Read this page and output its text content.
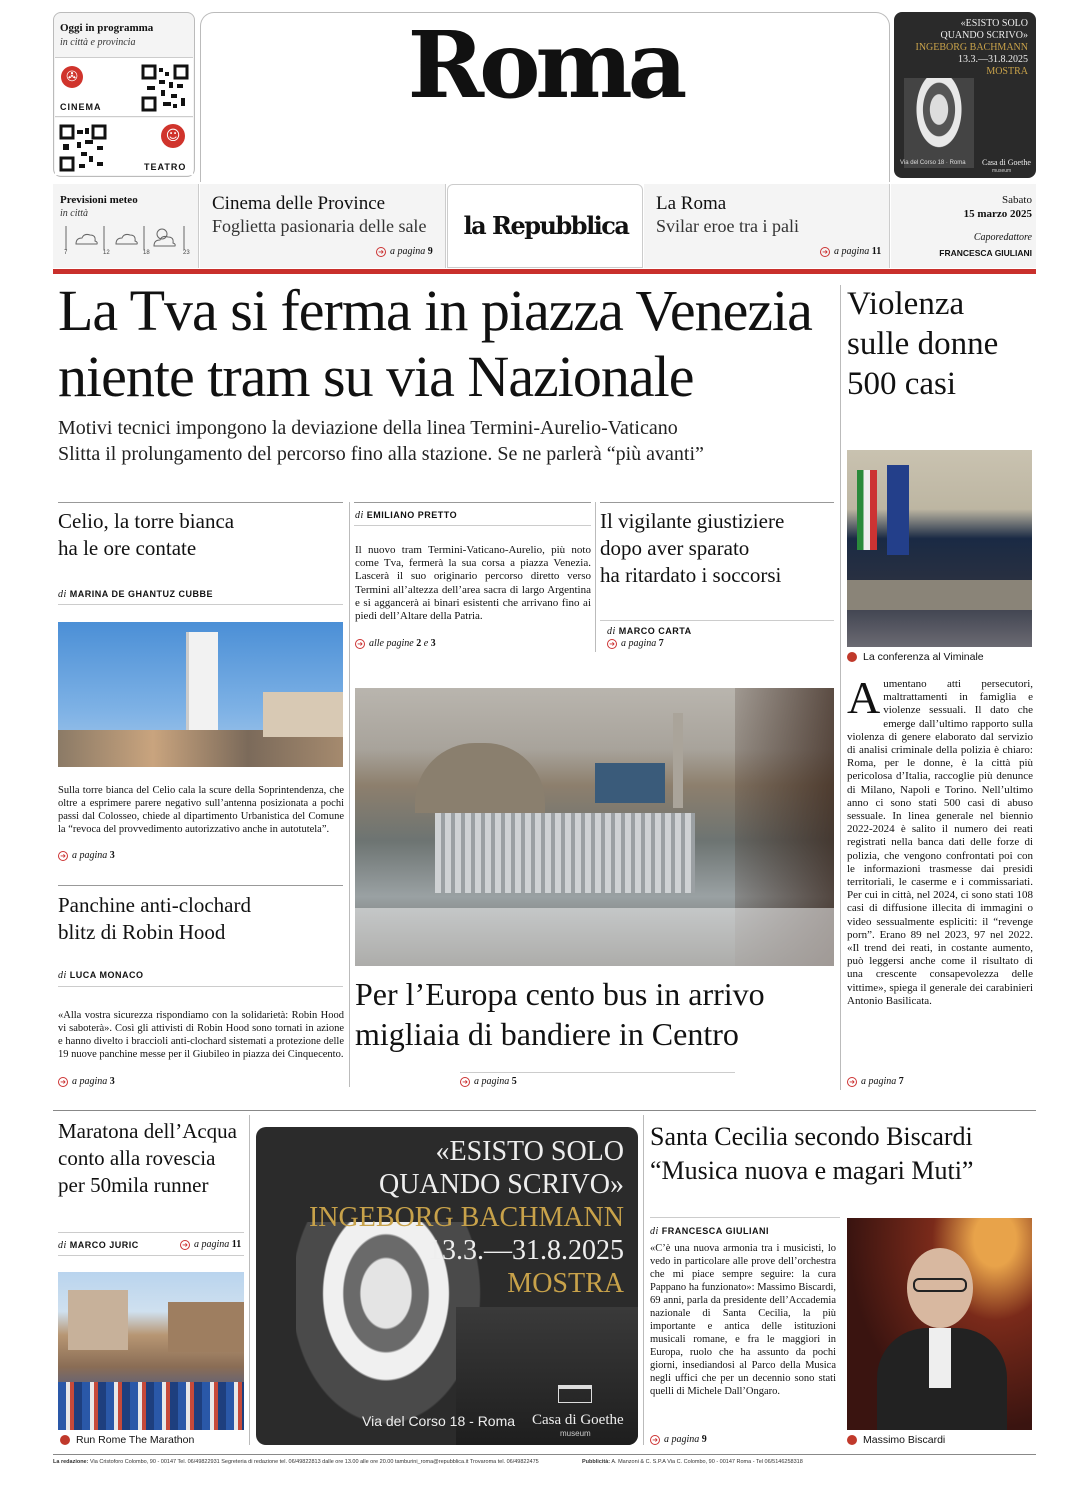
Oggi in programma
in città e provincia
✇
CINEMA
☺
TEATRO
Roma	«ESISTO SOLO
QUANDO SCRIVO»
INGEBORG BACHMANN
13.3.—31.8.2025
MOSTRA
Via del Corso 18 · Roma Casa di Goethe
museum
Previsioni meteo
in città
7	12	18	23
Cinema delle Province
Foglietta pasionaria delle sale
➜ a pagina 9
la Repubblica
La Roma
Svilar eroe tra i pali
➜ a pagina 11
Sabato
15 marzo 2025
Caporedattore
FRANCESCA GIULIANI
La Tva si ferma in piazza Venezia
niente tram su via Nazionale
Motivi tecnici impongono la deviazione della linea Termini-Aurelio-Vaticano
Slitta il prolungamento del percorso fino alla stazione. Se ne parlerà “più avanti”
Violenza
sulle donne
500 casi
La conferenza al Viminale
Aumentano atti persecutori, maltrattamenti in famiglia e violenze sessuali. Il dato che emerge dall’ultimo rapporto sulla violenza di genere elaborato dal servizio di analisi criminale della polizia è chiaro: Roma, per le donne, è la città più pericolosa d’Italia, raccoglie più denunce di Milano, Napoli e Torino. Nell’ultimo anno ci sono stati 500 casi di abuso sessuale. In linea generale nel biennio 2022-2024 è salito il numero dei reati registrati nella banca dati delle forze di polizia, che vengono confrontati poi con le informazioni trasmesse dai presidi territoriali, le caserme e i commissariati. Per cui in città, nel 2024, ci sono stati 108 casi di diffusione illecita di immagini o video sessualmente espliciti: il “revenge porn”. Erano 89 nel 2023, 97 nel 2022. «Il trend dei reati, in costante aumento, può leggersi anche come il risultato di una crescente consapevolezza delle vittime», spiega il generale dei carabinieri Antonio Basilicata.
➜ a pagina 7
Celio, la torre bianca
ha le ore contate
di MARINA DE GHANTUZ CUBBE
Sulla torre bianca del Celio cala la scure della Soprintendenza, che oltre a esprimere parere negativo sull’antenna posizionata a pochi passi dal Colosseo, chiede al dipartimento Urbanistica del Comune la “revoca del provvedimento autorizzativo anche in autotutela”.
➜ a pagina 3
di EMILIANO PRETTO
Il nuovo tram Termini-Vaticano-Aurelio, più noto come Tva, fermerà la sua corsa a piazza Venezia. Lascerà il suo originario percorso diretto verso Termini all’altezza dell’area sacra di largo Argentina e si aggancerà ai binari esistenti che arrivano fino ai piedi dell’Altare della Patria.
➜ alle pagine 2 e 3
Il vigilante giustiziere
dopo aver sparato
ha ritardato i soccorsi
di MARCO CARTA
➜ a pagina 7
Per l’Europa cento bus in arrivo
migliaia di bandiere in Centro
➜ a pagina 5
Panchine anti-clochard
blitz di Robin Hood
di LUCA MONACO
«Alla vostra sicurezza rispondiamo con la solidarietà: Robin Hood vi saboterà». Così gli attivisti di Robin Hood sono tornati in azione e hanno divelto i braccioli anti-clochard sistemati a protezione delle 19 nuove panchine messe per il Giubileo in piazza dei Cinquecento.
➜ a pagina 3
Maratona dell’Acqua
conto alla rovescia
per 50mila runner
di MARCO JURIC	➜ a pagina 11
Run Rome The Marathon
«ESISTO SOLO
QUANDO SCRIVO»
INGEBORG BACHMANN
13.3.—31.8.2025
MOSTRA
Via del Corso 18 - Roma Casa di Goethe
museum
Santa Cecilia secondo Biscardi
“Musica nuova e magari Muti”
di FRANCESCA GIULIANI
«C’è una nuova armonia tra i musicisti, lo vedo in particolare alle prove dell’orchestra che mi piace sempre seguire: la cura Pappano ha funzionato»: Massimo Biscardi, 69 anni, parla da presidente dell’Accademia nazionale di Santa Cecilia, la più importante e antica delle istituzioni musicali romane, e fra le maggiori in Europa, ruolo che ha assunto da pochi giorni, insediandosi al Parco della Musica negli uffici che per un decennio sono stati quelli di Michele Dall’Ongaro.
➜ a pagina 9	Massimo Biscardi
La redazione: Via Cristoforo Colombo, 90 - 00147 Tel. 06/49822931 Segreteria di redazione tel. 06/49822813 dalle ore 13.00 alle ore 20.00 tamburini_roma@repubblica.it Trovaroma tel. 06/49822475	Pubblicità: A. Manzoni & C. S.P.A Via C. Colombo, 90 - 00147 Roma - Tel 06/5146258318
